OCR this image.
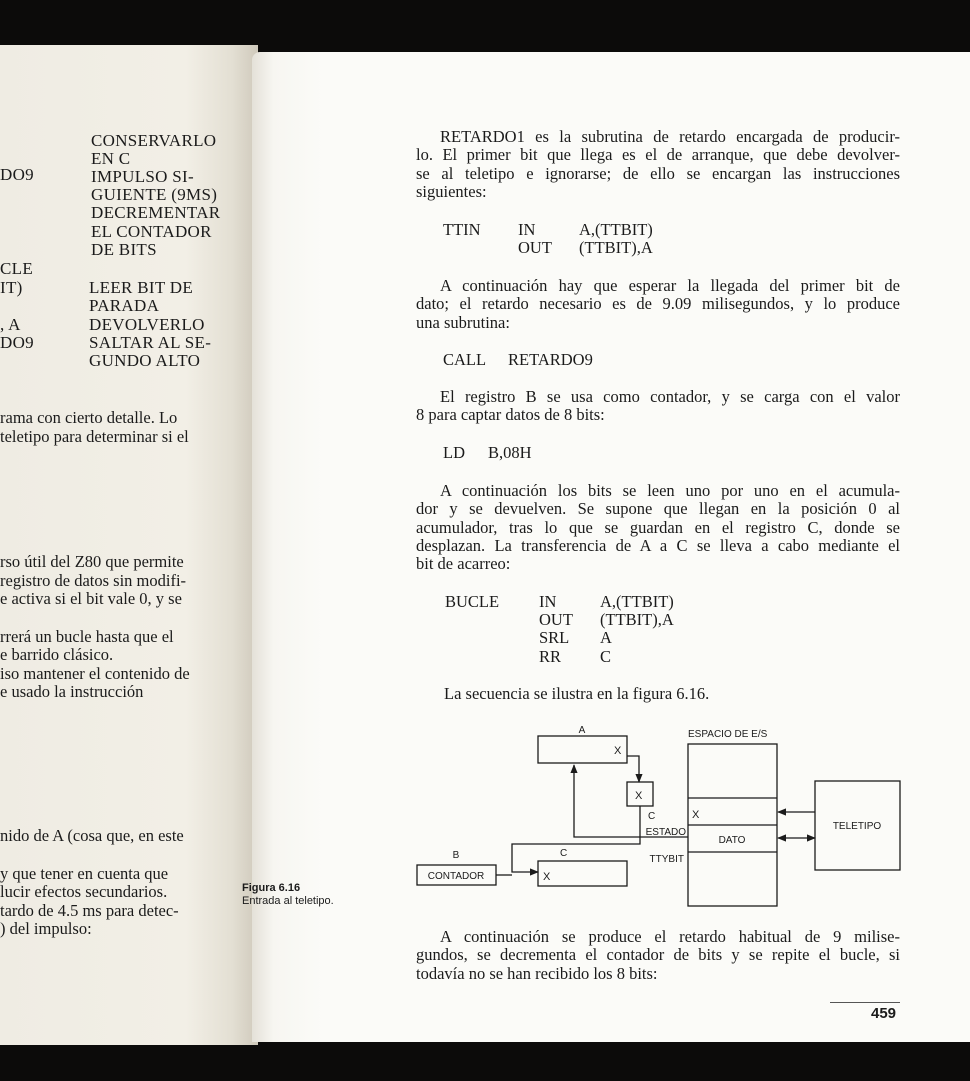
DO9
CLE
IT)
, A
DO9
CONSERVARLO
EN C
IMPULSO SI-
GUIENTE (9MS)
DECREMENTAR
EL CONTADOR
DE BITS
LEER BIT DE
PARADA
DEVOLVERLO
SALTAR AL SE-
GUNDO ALTO
rama con cierto detalle. Lo
teletipo para determinar si el
rso útil del Z80 que permite
registro de datos sin modifi-
e activa si el bit vale 0, y se
rrerá un bucle hasta que el
e barrido clásico.
iso mantener el contenido de
e usado la instrucción
nido de A (cosa que, en este
y que tener en cuenta que
lucir efectos secundarios.
tardo de 4.5 ms para detec-
) del impulso:
Figura 6.16
Entrada al teletipo.
RETARDO1 es la subrutina de retardo encargada de producir-
lo. El primer bit que llega es el de arranque, que debe devolver-
se al teletipo e ignorarse; de ello se encargan las instrucciones
siguientes:
TTIN IN	A,(TTBIT)
OUT (TTBIT),A
A continuación hay que esperar la llegada del primer bit de
dato; el retardo necesario es de 9.09 milisegundos, y lo produce
una subrutina:
CALL RETARDO9
El registro B se usa como contador, y se carga con el valor
8 para captar datos de 8 bits:
LD B,08H
A continuación los bits se leen uno por uno en el acumula-
dor y se devuelven. Se supone que llegan en la posición 0 al
acumulador, tras lo que se guardan en el registro C, donde se
desplazan. La transferencia de A a C se lleva a cabo mediante el
bit de acarreo:
BUCLE IN	A,(TTBIT)
OUT (TTBIT),A
SRL A
RR C
La secuencia se ilustra en la figura 6.16.
A
X
C
X
ESPACIO DE E/S
X
ESTADO
DATO
TTYBIT
TELETIPO
B
CONTADOR
C
X
A continuación se produce el retardo habitual de 9 milise-
gundos, se decrementa el contador de bits y se repite el bucle, si
todavía no se han recibido los 8 bits:
459
